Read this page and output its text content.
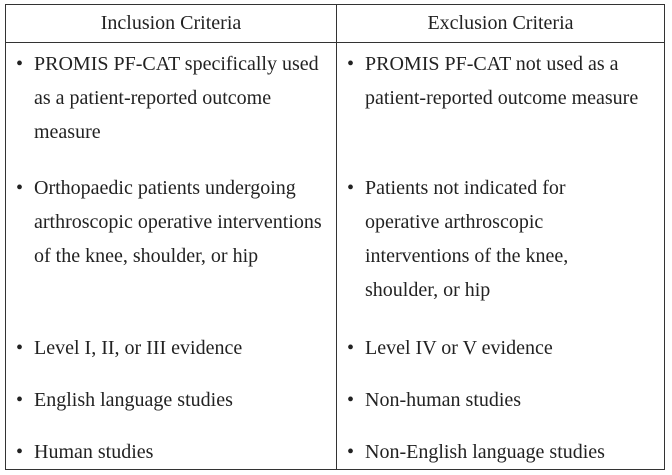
Inclusion Criteria	Exclusion Criteria
• PROMIS PF-CAT specifically used as a patient-reported outcome measure
• Orthopaedic patients undergoing arthroscopic operative interventions of the knee, shoulder, or hip
• Level I, II, or III evidence
• English language studies
• Human studies
• PROMIS PF-CAT not used as a patient-reported outcome measure
• Patients not indicated for operative arthroscopic interventions of the knee, shoulder, or hip
• Level IV or V evidence
• Non-human studies
• Non-English language studies
